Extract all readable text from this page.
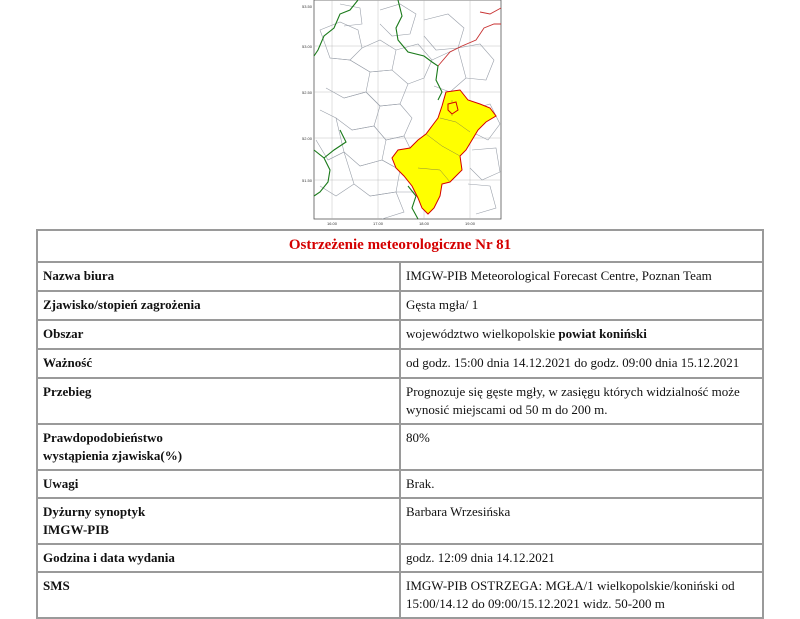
53.50
53.00
52.50
52.00
51.50
16.00	17.00	18.00	19.00
Ostrzeżenie meteorologiczne Nr 81	
Nazwa biura	IMGW-PIB Meteorological Forecast Centre, Poznan Team
Zjawisko/stopień zagrożenia	Gęsta mgła/ 1
Obszar	województwo wielkopolskie powiat koniński
Ważność	od godz. 15:00 dnia 14.12.2021 do godz. 09:00 dnia 15.12.2021
Przebieg	Prognozuje się gęste mgły, w zasięgu których widzialność może wynosić miejscami od 50 m do 200 m.
Prawdopodobieństwo
wystąpienia zjawiska(%)	80%
Uwagi	Brak.
Dyżurny synoptyk
IMGW-PIB	Barbara Wrzesińska
Godzina i data wydania	godz. 12:09 dnia 14.12.2021
SMS	IMGW-PIB OSTRZEGA: MGŁA/1 wielkopolskie/koniński od 15:00/14.12 do 09:00/15.12.2021 widz. 50-200 m
